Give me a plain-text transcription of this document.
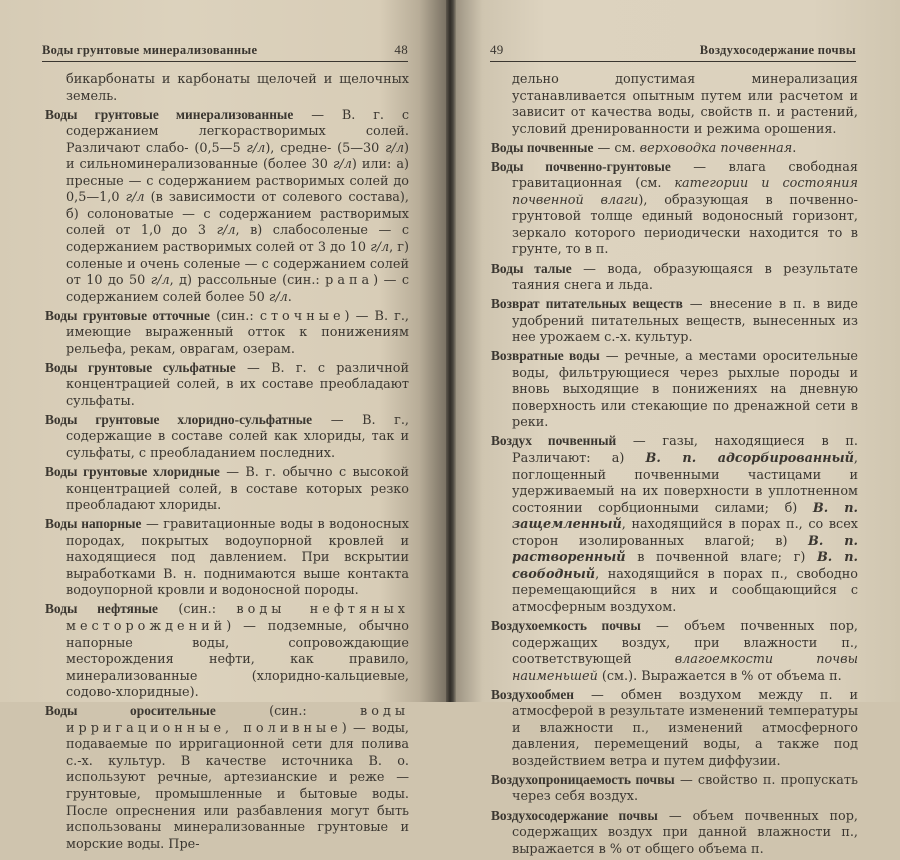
Воды грунтовые минерализованные	48

бикарбонаты и карбонаты щелочей и щелочных земель.

Воды грунтовые минерализованные — В. г. с содержанием легкорастворимых солей. Различают слабо- (0,5—5 г/л), средне- (5—30 г/л) и сильноминерализованные (более 30 г/л) или: а) пресные — с содержанием растворимых солей до 0,5—1,0 г/л (в зависимости от солевого состава), б) солоноватые — с содержанием растворимых солей от 1,0 до 3 г/л, в) слабосоленые — с содержанием растворимых солей от 3 до 10 г/л, г) соленые и очень соленые — с содержанием солей от 10 до 50 г/л, д) рассольные (син.: рапа) — с содержанием солей более 50 г/л.

Воды грунтовые отточные (син.: сточные) — В. г., имеющие выраженный отток к понижениям рельефа, рекам, оврагам, озерам.

Воды грунтовые сульфатные — В. г. с различной концентрацией солей, в их составе преобладают сульфаты.

Воды грунтовые хлоридно-сульфатные — В. г., содержащие в составе солей как хлориды, так и сульфаты, с преобладанием последних.

Воды грунтовые хлоридные — В. г. обычно с высокой концентрацией солей, в составе которых резко преобладают хлориды.

Воды напорные — гравитационные воды в водоносных породах, покрытых водоупорной кровлей и находящиеся под давлением. При вскрытии выработками В. н. поднимаются выше контакта водоупорной кровли и водоносной породы.

Воды нефтяные (син.: воды нефтяных месторождений) — подземные, обычно напорные воды, сопровождающие месторождения нефти, как правило, минерализованные (хлоридно-кальциевые, содово-хлоридные).

Воды оросительные (син.: воды ирригационные, поливные) — воды, подаваемые по ирригационной сети для полива с.-х. культур. В качестве источника В. о. используют речные, артезианские и реже — грунтовые, промышленные и бытовые воды. После опреснения или разбавления могут быть использованы минерализованные грунтовые и морские воды. Пре-

49	Воздухосодержание почвы

дельно допустимая минерализация устанавливается опытным путем или расчетом и зависит от качества воды, свойств п. и растений, условий дренированности и режима орошения.

Воды почвенные — см. верховодка почвенная.

Воды почвенно-грунтовые — влага свободная гравитационная (см. категории и состояния почвенной влаги), образующая в почвенно-грунтовой толще единый водоносный горизонт, зеркало которого периодически находится то в грунте, то в п.

Воды талые — вода, образующаяся в результате таяния снега и льда.

Возврат питательных веществ — внесение в п. в виде удобрений питательных веществ, вынесенных из нее урожаем с.-х. культур.

Возвратные воды — речные, а местами оросительные воды, фильтрующиеся через рыхлые породы и вновь выходящие в понижениях на дневную поверхность или стекающие по дренажной сети в реки.

Воздух почвенный — газы, находящиеся в п. Различают: а) В. п. адсорбированный, поглощенный почвенными частицами и удерживаемый на их поверхности в уплотненном состоянии сорбционными силами; б) В. п. защемленный, находящийся в порах п., со всех сторон изолированных влагой; в) В. п. растворенный в почвенной влаге; г) В. п. свободный, находящийся в порах п., свободно перемещающийся в них и сообщающийся с атмосферным воздухом.

Воздухоемкость почвы — объем почвенных пор, содержащих воздух, при влажности п., соответствующей влагоемкости почвы наименьшей (см.). Выражается в % от объема п.

Воздухообмен — обмен воздухом между п. и атмосферой в результате изменений температуры и влажности п., изменений атмосферного давления, перемещений воды, а также под воздействием ветра и путем диффузии.

Воздухопроницаемость почвы — свойство п. пропускать через себя воздух.

Воздухосодержание почвы — объем почвенных пор, содержащих воздух при данной влажности п., выражается в % от общего объема п.
